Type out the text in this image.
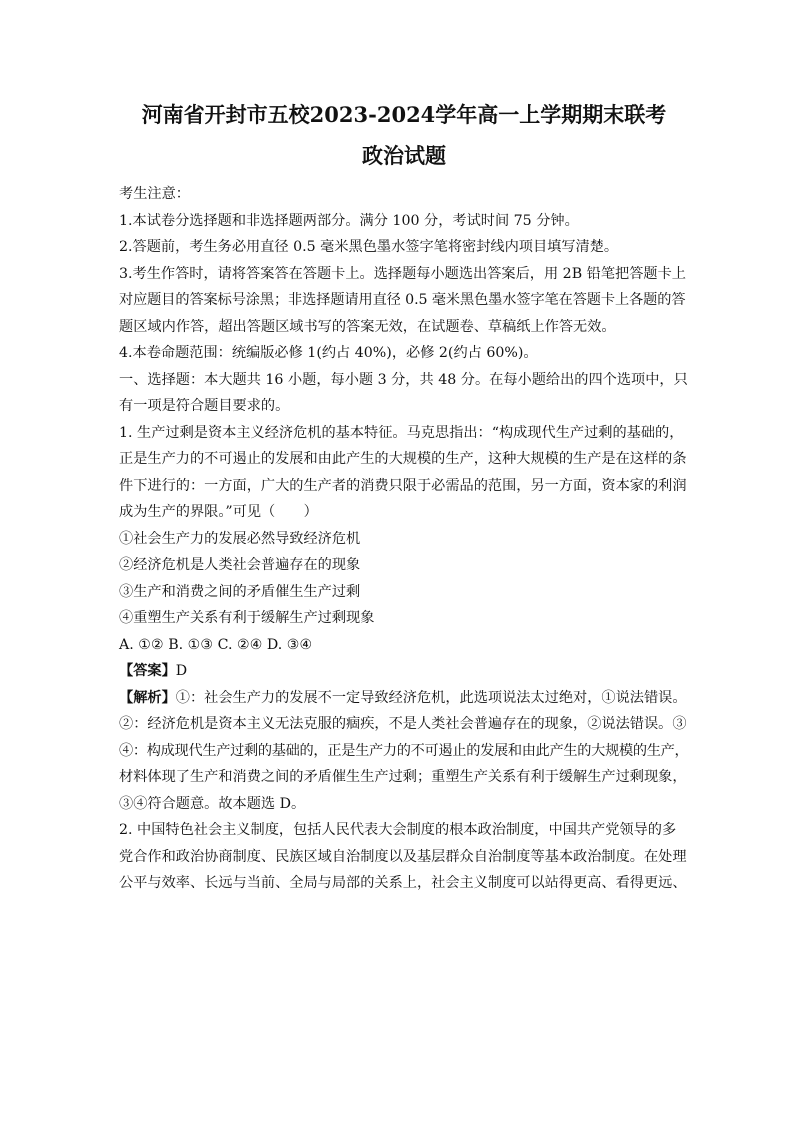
河南省开封市五校2023-2024学年高一上学期期末联考
政治试题

考生注意：

1.本试卷分选择题和非选择题两部分。满分 100 分，考试时间 75 分钟。

2.答题前，考生务必用直径 0.5 毫米黑色墨水签字笔将密封线内项目填写清楚。

3.考生作答时，请将答案答在答题卡上。选择题每小题选出答案后，用 2B 铅笔把答题卡上

对应题目的答案标号涂黑；非选择题请用直径 0.5 毫米黑色墨水签字笔在答题卡上各题的答

题区域内作答，超出答题区域书写的答案无效，在试题卷、草稿纸上作答无效。

4.本卷命题范围：统编版必修 1(约占 40%)，必修 2(约占 60%)。

一、选择题：本大题共 16 小题，每小题 3 分，共 48 分。在每小题给出的四个选项中，只

有一项是符合题目要求的。

1. 生产过剩是资本主义经济危机的基本特征。马克思指出：“构成现代生产过剩的基础的，

正是生产力的不可遏止的发展和由此产生的大规模的生产，这种大规模的生产是在这样的条

件下进行的：一方面，广大的生产者的消费只限于必需品的范围，另一方面，资本家的利润

成为生产的界限。”可见（　　）

①社会生产力的发展必然导致经济危机

②经济危机是人类社会普遍存在的现象

③生产和消费之间的矛盾催生生产过剩

④重塑生产关系有利于缓解生产过剩现象

A. ①② B. ①③ C. ②④ D. ③④

【答案】D

【解析】①：社会生产力的发展不一定导致经济危机，此选项说法太过绝对，①说法错误。

②：经济危机是资本主义无法克服的痼疾，不是人类社会普遍存在的现象，②说法错误。③

④：构成现代生产过剩的基础的，正是生产力的不可遏止的发展和由此产生的大规模的生产，

材料体现了生产和消费之间的矛盾催生生产过剩；重塑生产关系有利于缓解生产过剩现象，

③④符合题意。故本题选 D。

2. 中国特色社会主义制度，包括人民代表大会制度的根本政治制度，中国共产党领导的多

党合作和政治协商制度、民族区域自治制度以及基层群众自治制度等基本政治制度。在处理

公平与效率、长远与当前、全局与局部的关系上，社会主义制度可以站得更高、看得更远、
